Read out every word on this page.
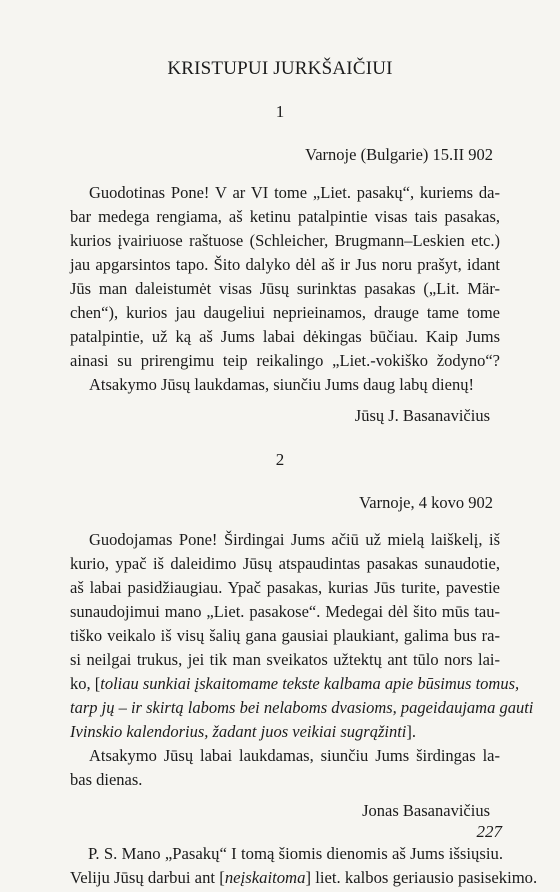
KRISTUPUI JURKŠAIČIUI
1
Varnoje (Bulgarie) 15.II 902
Guodotinas Pone! V ar VI tome „Liet. pasakų“, kuriems da-
bar medega rengiama, aš ketinu patalpintie visas tais pasakas,
kurios įvairiuose raštuose (Schleicher, Brugmann–Leskien etc.)
jau apgarsintos tapo. Šito dalyko dėl aš ir Jus noru prašyt, idant
Jūs man daleistumėt visas Jūsų surinktas pasakas („Lit. Mär-
chen“), kurios jau daugeliui neprieinamos, drauge tame tome
patalpintie, už ką aš Jums labai dėkingas būčiau. Kaip Jums
ainasi su prirengimu teip reikalingo „Liet.-vokiško žodyno“?
Atsakymo Jūsų laukdamas, siunčiu Jums daug labų dienų!
Jūsų J. Basanavičius
2
Varnoje, 4 kovo 902
Guodojamas Pone! Širdingai Jums ačiū už mielą laiškelį, iš
kurio, ypač iš daleidimo Jūsų atspaudintas pasakas sunaudotie,
aš labai pasidžiaugiau. Ypač pasakas, kurias Jūs turite, pavestie
sunaudojimui mano „Liet. pasakose“. Medegai dėl šito mūs tau-
tiško veikalo iš visų šalių gana gausiai plaukiant, galima bus ra-
si neilgai trukus, jei tik man sveikatos užtektų ant tūlo nors lai-
ko, [toliau sunkiai įskaitomame tekste kalbama apie būsimus tomus,
tarp jų – ir skirtą laboms bei nelaboms dvasioms, pageidaujama gauti
Ivinskio kalendorius, žadant juos veikiai sugrąžinti].
Atsakymo Jūsų labai laukdamas, siunčiu Jums širdingas la-
bas dienas.
Jonas Basanavičius
P. S. Mano „Pasakų“ I tomą šiomis dienomis aš Jums išsiųsiu.
Veliju Jūsų darbui ant [neįskaitoma] liet. kalbos geriausio pasisekimo.
227
